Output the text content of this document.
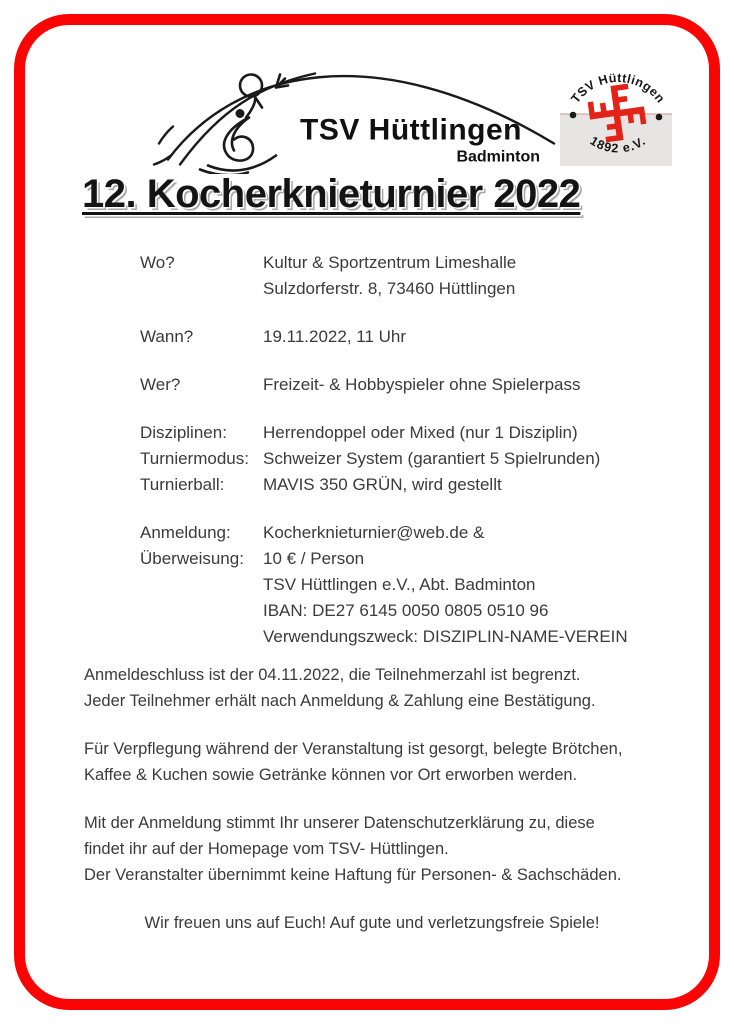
TSV Hüttlingen
Badminton
TSV Hüttlingen
1892 e.V.
12. Kocherknieturnier 2022
Wo?	Kultur & Sportzentrum Limeshalle
Sulzdorferstr. 8, 73460 Hüttlingen
Wann?	19.11.2022, 11 Uhr
Wer?	Freizeit- & Hobbyspieler ohne Spielerpass
Disziplinen:	Herrendoppel oder Mixed (nur 1 Disziplin)
Turniermodus: Schweizer System (garantiert 5 Spielrunden)
Turnierball:	MAVIS 350 GRÜN, wird gestellt
Anmeldung:	Kocherknieturnier@web.de &
Überweisung:	10 € / Person
TSV Hüttlingen e.V., Abt. Badminton
IBAN: DE27 6145 0050 0805 0510 96
Verwendungszweck: DISZIPLIN-NAME-VEREIN
Anmeldeschluss ist der 04.11.2022, die Teilnehmerzahl ist begrenzt.
Jeder Teilnehmer erhält nach Anmeldung & Zahlung eine Bestätigung.
Für Verpflegung während der Veranstaltung ist gesorgt, belegte Brötchen,
Kaffee & Kuchen sowie Getränke können vor Ort erworben werden.
Mit der Anmeldung stimmt Ihr unserer Datenschutzerklärung zu, diese
findet ihr auf der Homepage vom TSV- Hüttlingen.
Der Veranstalter übernimmt keine Haftung für Personen- & Sachschäden.
Wir freuen uns auf Euch! Auf gute und verletzungsfreie Spiele!
